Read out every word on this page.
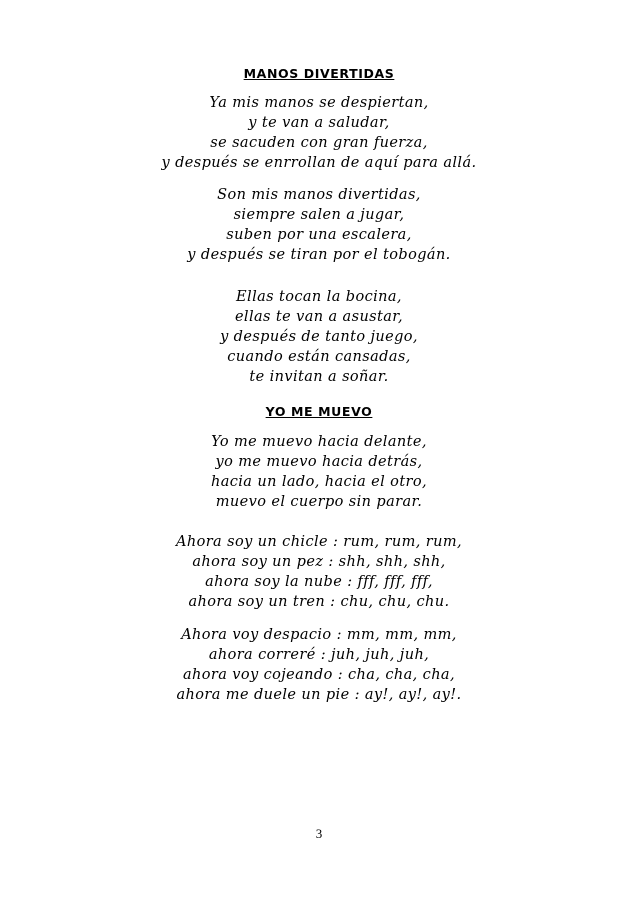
MANOS DIVERTIDAS
Ya mis manos se despiertan,
y te van a saludar,
se sacuden con gran fuerza,
y después se enrrollan de aquí para allá.
Son mis manos divertidas,
siempre salen a jugar,
suben por una escalera,
y después se tiran por el tobogán.
Ellas tocan la bocina,
ellas te van a asustar,
y después de tanto juego,
cuando están cansadas,
te invitan a soñar.
YO ME MUEVO
Yo me muevo hacia delante,
yo me muevo hacia detrás,
hacia un lado, hacia el otro,
muevo el cuerpo sin parar.
Ahora soy un chicle : rum, rum, rum,
ahora soy un pez : shh, shh, shh,
ahora soy la nube : fff, fff, fff,
ahora soy un tren : chu, chu, chu.
Ahora voy despacio : mm, mm, mm,
ahora correré : juh, juh, juh,
ahora voy cojeando : cha, cha, cha,
ahora me duele un pie : ay!, ay!, ay!.
3
